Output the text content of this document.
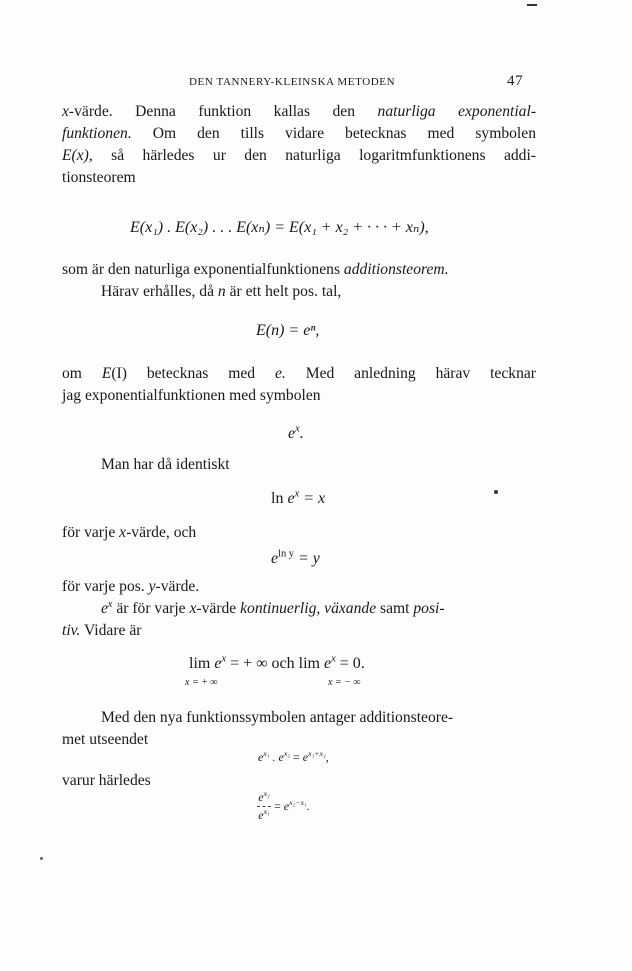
DEN TANNERY-KLEINSKA METODEN	47
x-värde. Denna funktion kallas den naturliga exponential-
funktionen. Om den tills vidare betecknas med symbolen
E(x), så härledes ur den naturliga logaritmfunktionens addi-
tionsteorem
E(x₁) . E(x₂) . . . E(xₙ) = E(x₁ + x₂ + · · · + xₙ),
som är den naturliga exponentialfunktionens additionsteorem.
Härav erhålles, då n är ett helt pos. tal,
E(n) = eⁿ,
om E(I) betecknas med e. Med anledning härav tecknar
jag exponentialfunktionen med symbolen
$e^x$.
Man har då identiskt
$\ln e^x = x$
för varje x-värde, och
$e^{ln y} = y$
för varje pos. y-värde.
$e^x$ är för varje x-värde kontinuerlig, växande samt posi-
tiv. Vidare är
$\lim e^x$ = + ∞ och $\lim e^x = 0$.
x = + ∞	x = − ∞
Med den nya funktionssymbolen antager additionsteore-
met utseendet
$e^{x_1}$ . $e^{x_2} = e^{x_1+x_2}$,
varur härledes
$\frac{e^{x_2}}{e^{x_1}} = e^{x_2-x_1}$.
